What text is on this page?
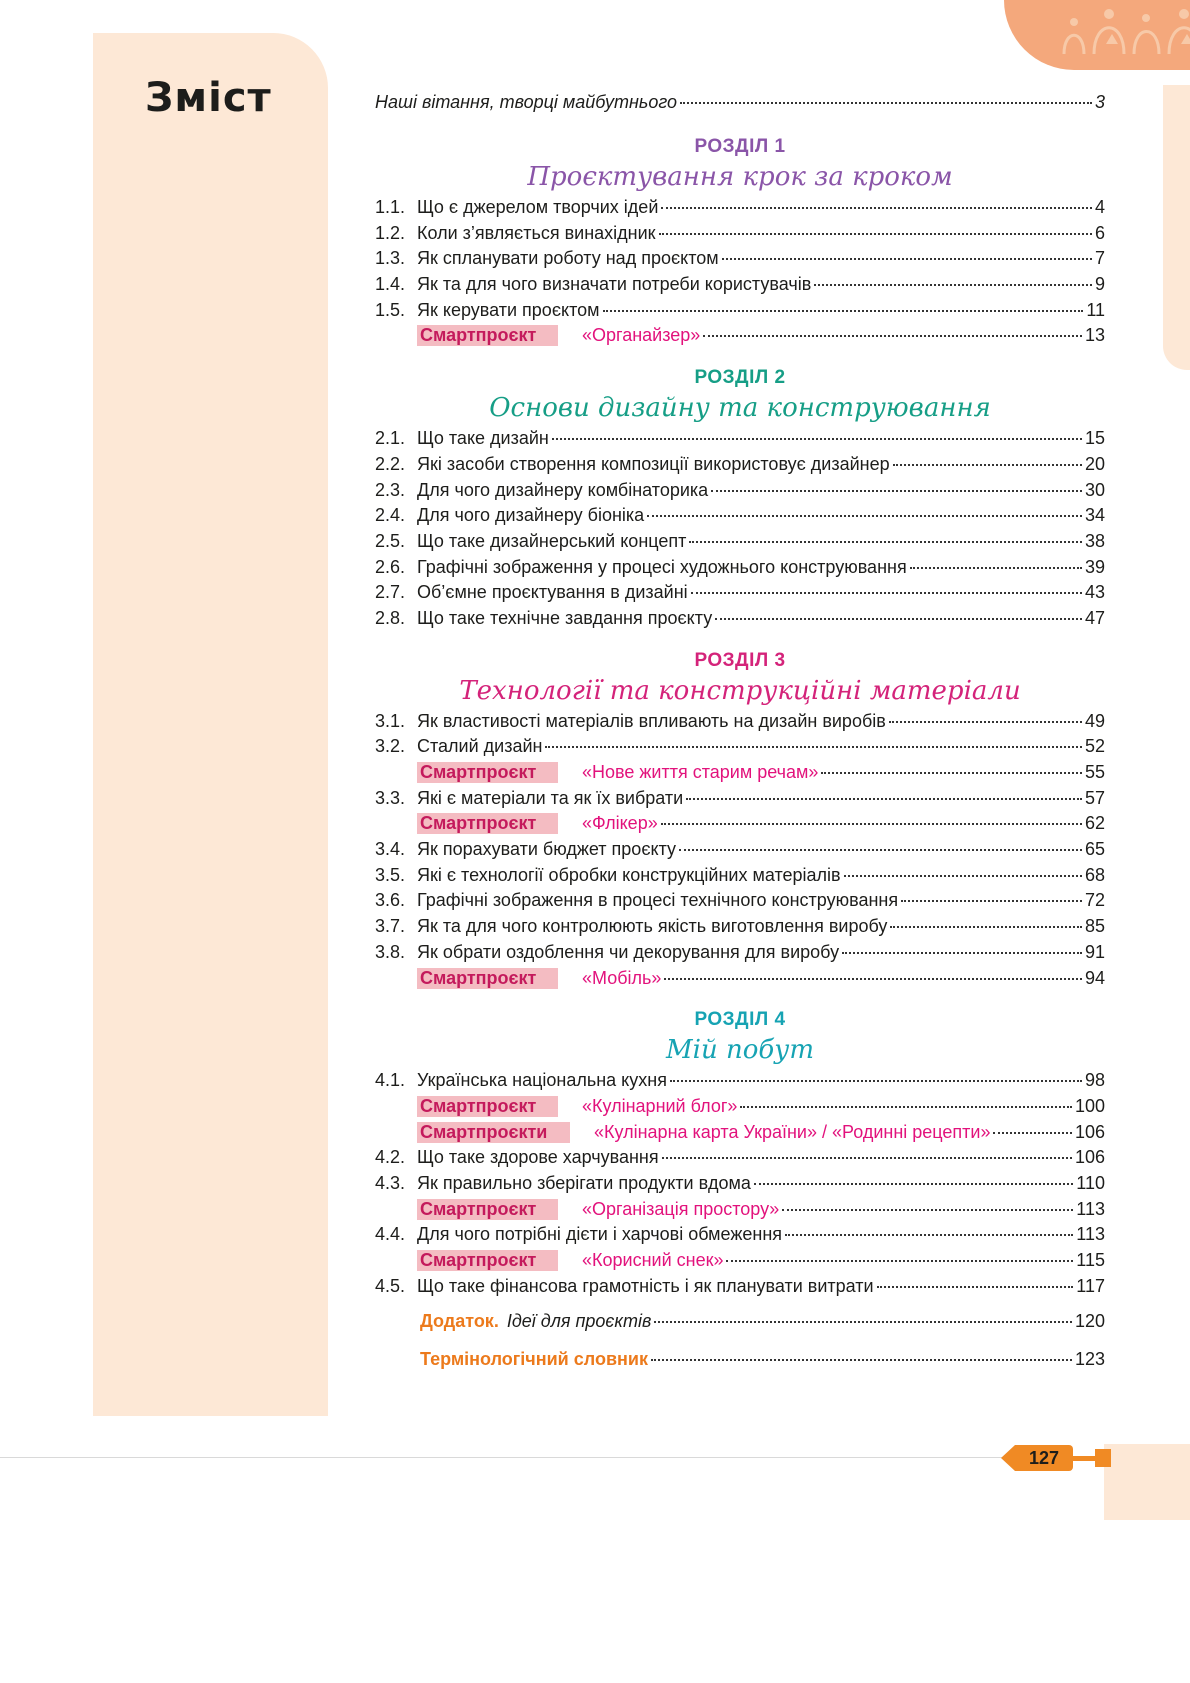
Зміст	Наші вітання, творці майбутнього	3
РОЗДІЛ 1
Проєктування крок за кроком
1.1. Що є джерелом творчих ідей	4
1.2. Коли з’являється винахідник	6
1.3. Як спланувати роботу над проєктом	7
1.4. Як та для чого визначати потреби користувачів	9
1.5. Як керувати проєктом	11
Смартпроєкт	«Органайзер»	13
РОЗДІЛ 2
Основи дизайну та конструювання
2.1. Що таке дизайн	15
2.2. Які засоби створення композиції використовує дизайнер	20
2.3. Для чого дизайнеру комбінаторика	30
2.4. Для чого дизайнеру біоніка	34
2.5. Що таке дизайнерський концепт	38
2.6. Графічні зображення у процесі художнього конструювання	39
2.7. Об’ємне проєктування в дизайні	43
2.8. Що таке технічне завдання проєкту	47
РОЗДІЛ 3
Технології та конструкційні матеріали
3.1. Як властивості матеріалів впливають на дизайн виробів	49
3.2. Сталий дизайн	52
Смартпроєкт	«Нове життя старим речам»	55
3.3. Які є матеріали та як їх вибрати	57
Смартпроєкт	«Флікер»	62
3.4. Як порахувати бюджет проєкту	65
3.5. Які є технології обробки конструкційних матеріалів	68
3.6. Графічні зображення в процесі технічного конструювання	72
3.7. Як та для чого контролюють якість виготовлення виробу	85
3.8. Як обрати оздоблення чи декорування для виробу	91
Смартпроєкт	«Мобіль»	94
РОЗДІЛ 4
Мій побут
4.1. Українська національна кухня	98
Смартпроєкт	«Кулінарний блог»	100
Смартпроєкти	«Кулінарна карта України» / «Родинні рецепти»	106
4.2. Що таке здорове харчування	106
4.3. Як правильно зберігати продукти вдома	110
Смартпроєкт	«Організація простору»	113
4.4. Для чого потрібні дієти і харчові обмеження	113
Смартпроєкт	«Корисний снек»	115
4.5. Що таке фінансова грамотність і як планувати витрати	117
Додаток. Ідеї для проєктів	120
Термінологічний словник	123
127
